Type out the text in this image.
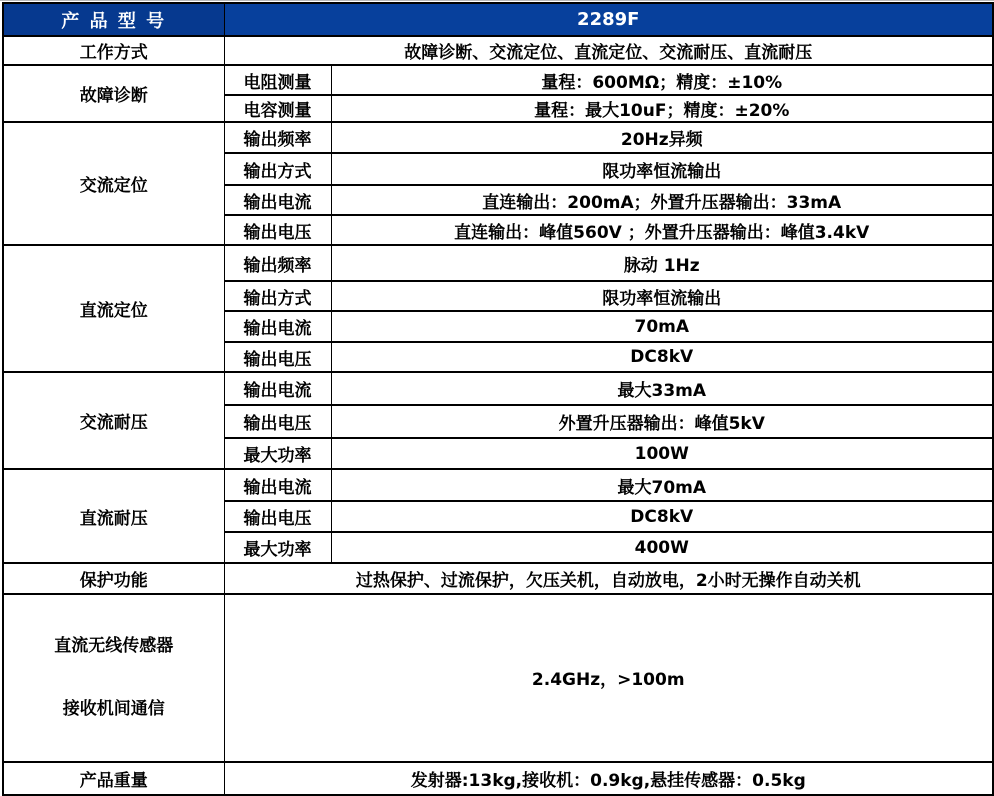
产 品 型 号	2289F	
工作方式	故障诊断、交流定位、直流定位、交流耐压、直流耐压	
故障诊断	电阻测量	量程：600MΩ；精度：±10%
	电容测量	量程：最大10uF；精度：±20%
交流定位	输出频率	20Hz异频
	输出方式	限功率恒流输出
	输出电流	直连输出：200mA；外置升压器输出：33mA
	输出电压	直连输出：峰值560V ；外置升压器输出：峰值3.4kV
直流定位	输出频率	脉动 1Hz
	输出方式	限功率恒流输出
	输出电流	70mA
	输出电压	DC8kV
交流耐压	输出电流	最大33mA
	输出电压	外置升压器输出：峰值5kV
	最大功率	100W
直流耐压	输出电流	最大70mA
	输出电压	DC8kV
	最大功率	400W
保护功能	过热保护、过流保护，欠压关机，自动放电，2小时无操作自动关机	

直流无线传感器

接收机间通信	2.4GHz，>100m	
产品重量	发射器:13kg,接收机：0.9kg,悬挂传感器：0.5kg	
